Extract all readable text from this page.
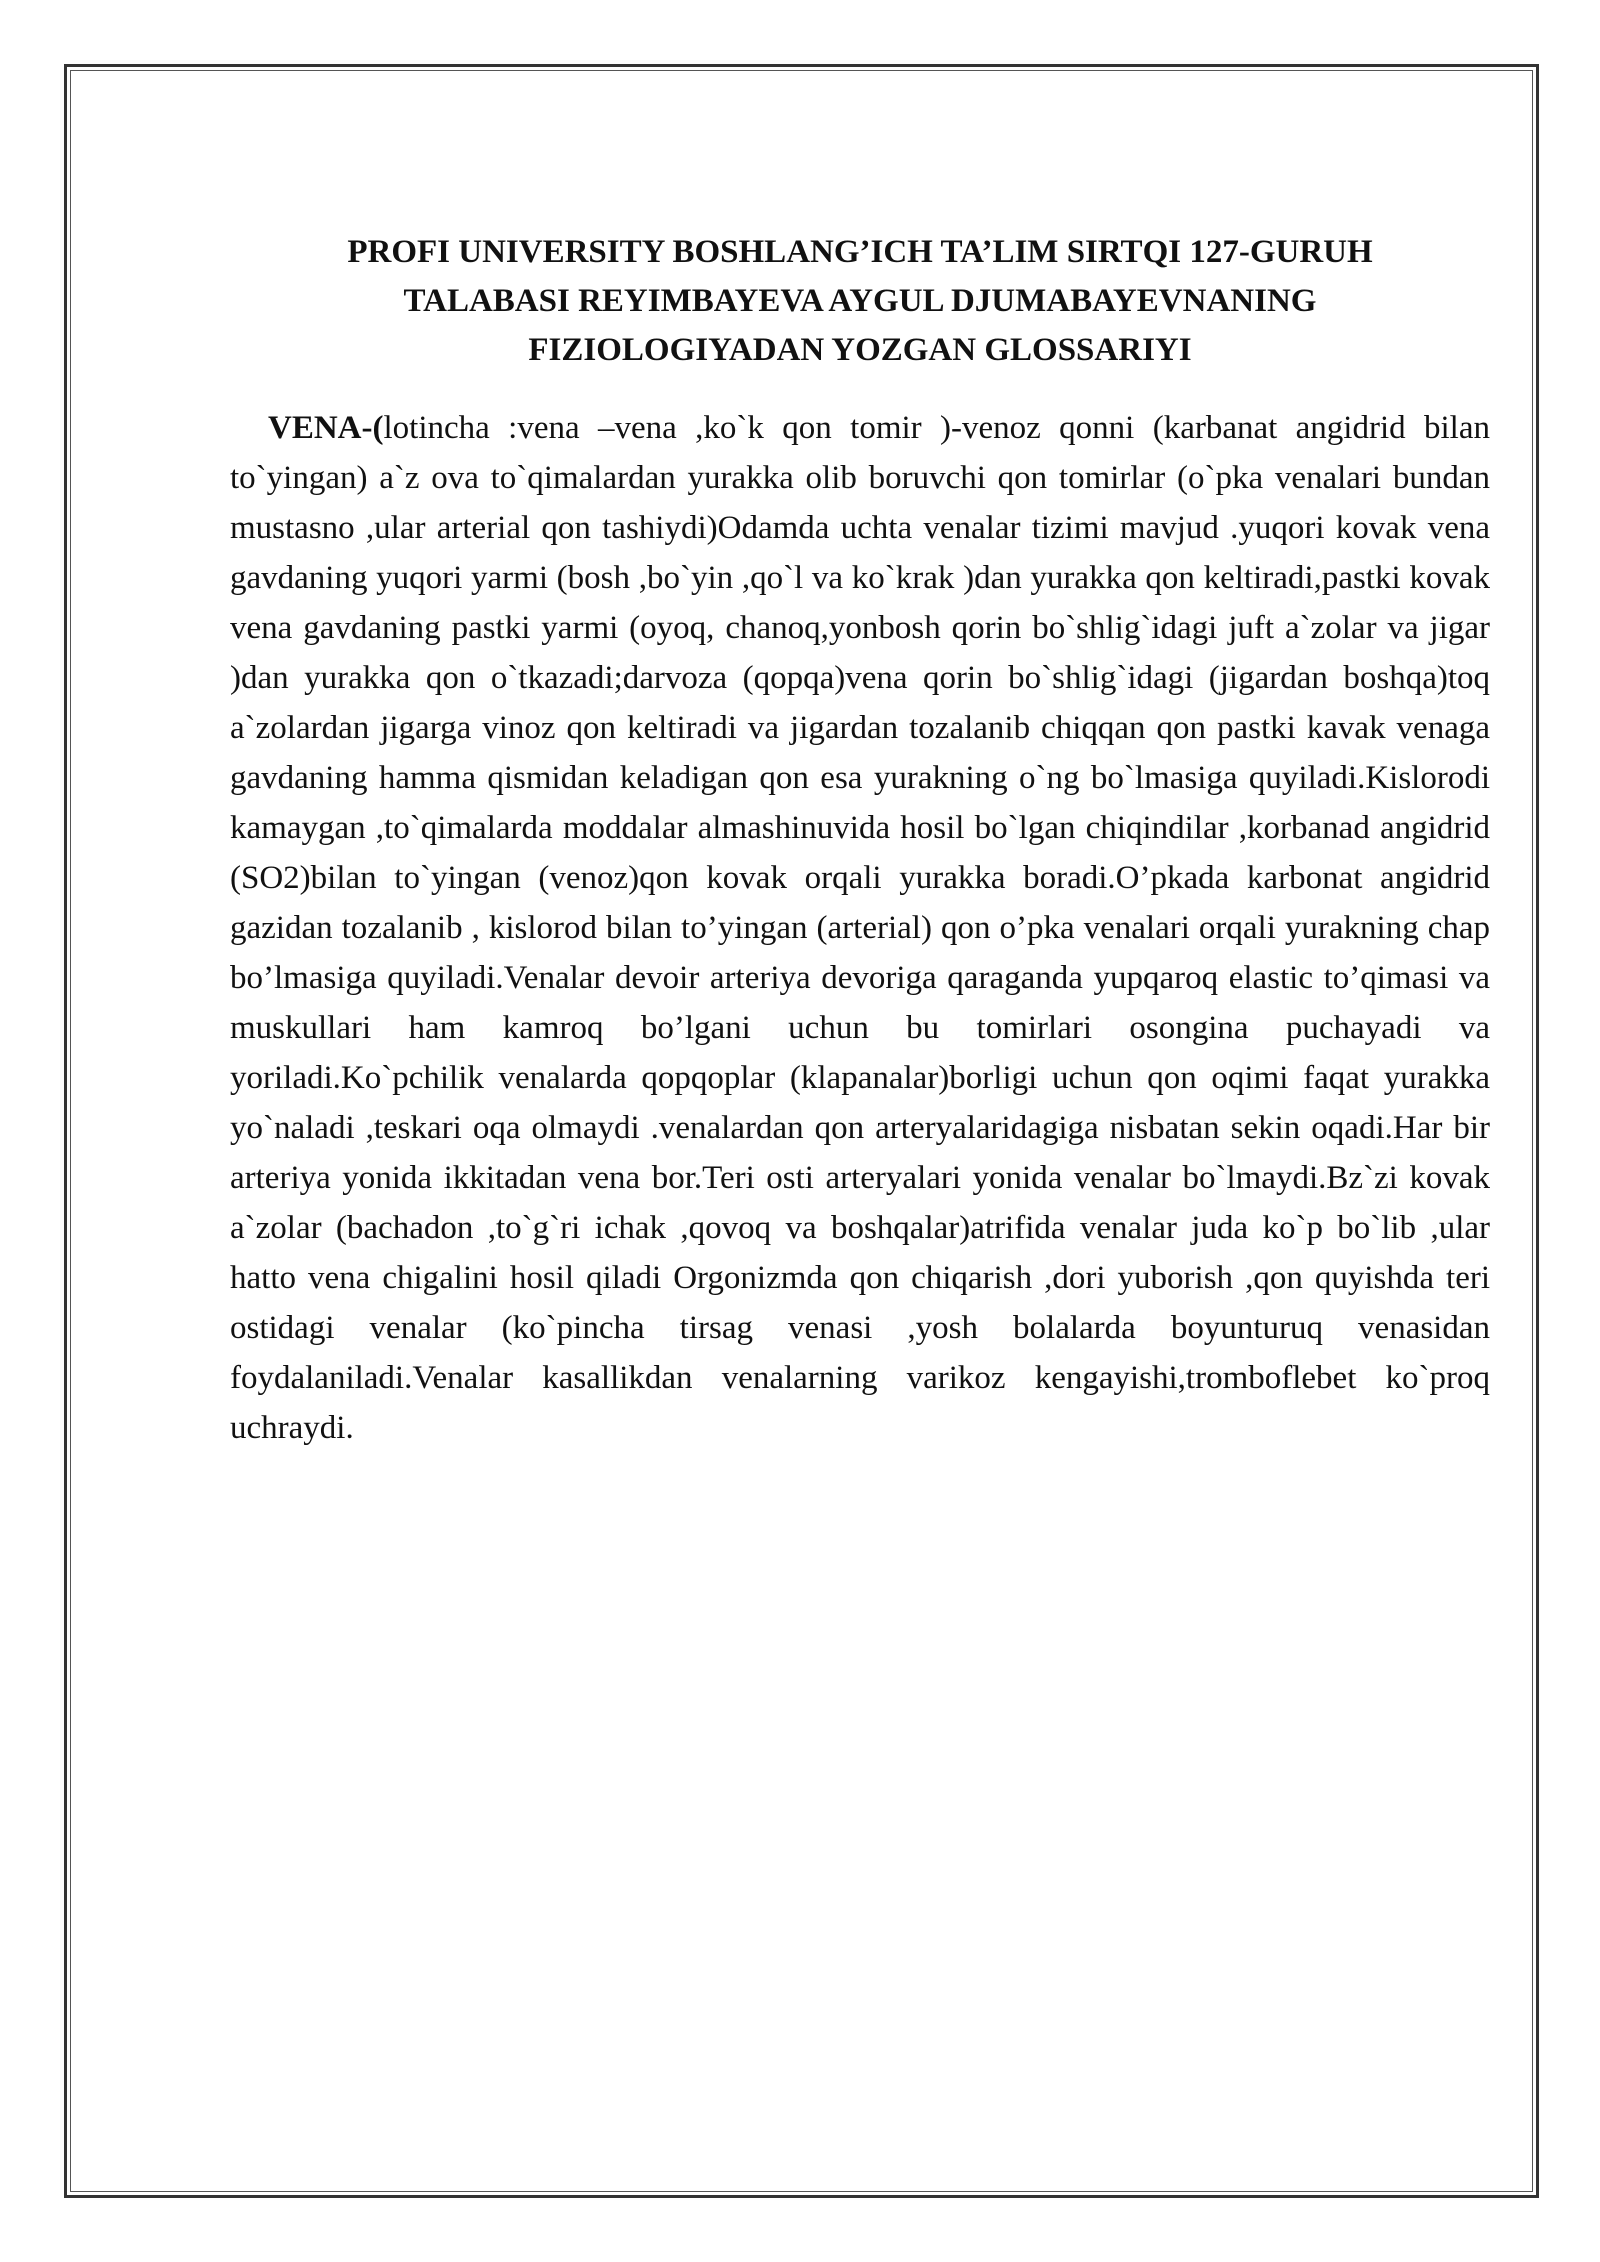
PROFI UNIVERSITY BOSHLANG’ICH TA’LIM SIRTQI 127-GURUH
TALABASI REYIMBAYEVA AYGUL DJUMABAYEVNANING
FIZIOLOGIYADAN YOZGAN GLOSSARIYI

VENA-(lotincha :vena –vena ,ko`k qon tomir )-venoz qonni (karbanat angidrid bilan to`yingan) a`z ova to`qimalardan yurakka olib boruvchi qon tomirlar (o`pka venalari bundan mustasno ,ular arterial qon tashiydi)Odamda uchta venalar tizimi mavjud .yuqori kovak vena gavdaning yuqori yarmi (bosh ,bo`yin ,qo`l va ko`krak )dan yurakka qon keltiradi,pastki kovak vena gavdaning pastki yarmi (oyoq, chanoq,yonbosh qorin bo`shlig`idagi juft a`zolar va jigar )dan yurakka qon o`tkazadi;darvoza (qopqa)vena qorin bo`shlig`idagi (jigardan boshqa)toq a`zolardan jigarga vinoz qon keltiradi va jigardan tozalanib chiqqan qon pastki kavak venaga gavdaning hamma qismidan keladigan qon esa yurakning o`ng bo`lmasiga quyiladi.Kislorodi kamaygan ,to`qimalarda moddalar almashinuvida hosil bo`lgan chiqindilar ,korbanad angidrid (SO2)bilan to`yingan (venoz)qon kovak orqali yurakka boradi.O’pkada karbonat angidrid gazidan tozalanib , kislorod bilan to’yingan (arterial) qon o’pka venalari orqali yurakning chap bo’lmasiga quyiladi.Venalar devoir arteriya devoriga qaraganda yupqaroq elastic to’qimasi va muskullari ham kamroq bo’lgani uchun bu tomirlari osongina puchayadi va yoriladi.Ko`pchilik venalarda qopqoplar (klapanalar)borligi uchun qon oqimi faqat yurakka yo`naladi ,teskari oqa olmaydi .venalardan qon arteryalaridagiga nisbatan sekin oqadi.Har bir arteriya yonida ikkitadan vena bor.Teri osti arteryalari yonida venalar bo`lmaydi.Bz`zi kovak a`zolar (bachadon ,to`g`ri ichak ,qovoq va boshqalar)atrifida venalar juda ko`p bo`lib ,ular hatto vena chigalini hosil qiladi Orgonizmda qon chiqarish ,dori yuborish ,qon quyishda teri ostidagi venalar (ko`pincha tirsag venasi ,yosh bolalarda boyunturuq venasidan foydalaniladi.Venalar kasallikdan venalarning varikoz kengayishi,tromboflebet ko`proq uchraydi.
